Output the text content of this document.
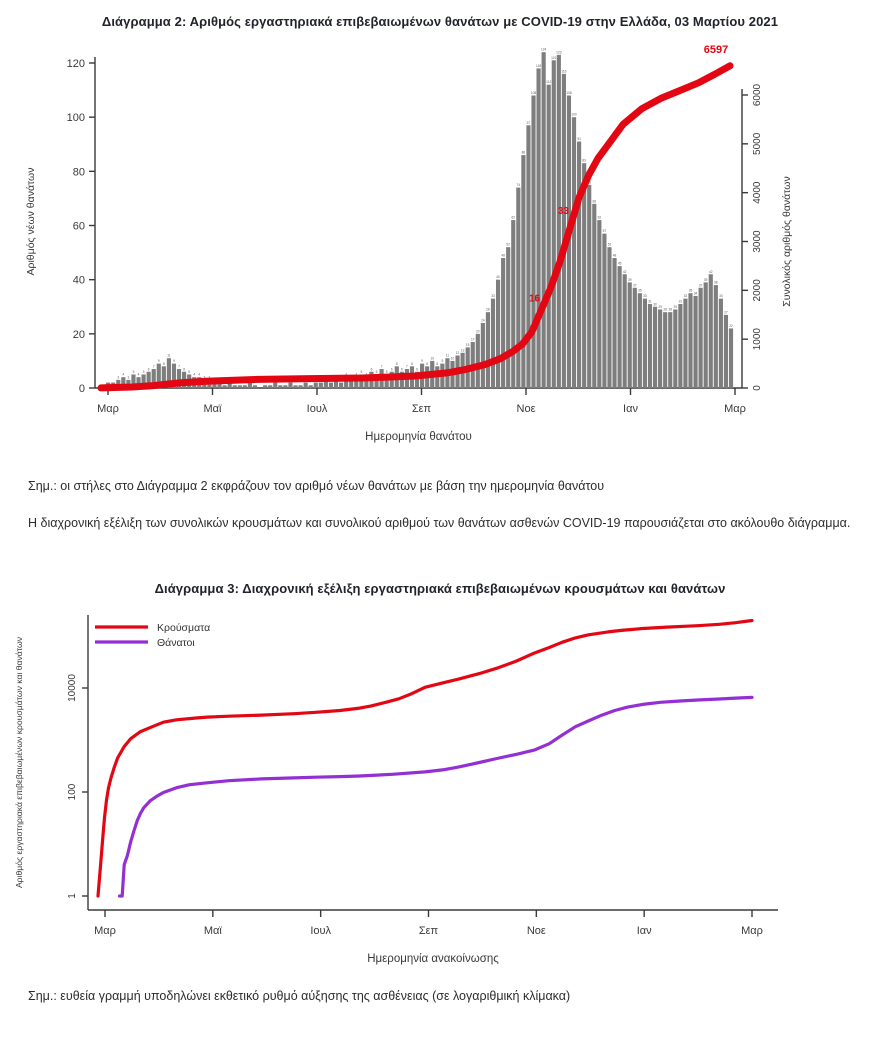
Διάγραμμα 2: Αριθμός εργαστηριακά επιβεβαιωμένων θανάτων με COVID-19 στην Ελλάδα, 03 Μαρτίου 2021
0
20
40
60
80
100
120
0
1000
2000
3000
4000
5000
6000
Μαρ	Μαϊ	Ιουλ	Σεπ	Νοε	Ιαν	Μαρ
Αριθμός νέων θανάτων	Συνολικός αριθμός θανάτων
Ημερομηνία θανάτου
3
4
3
5
4
5
6
7
9
8
11
9
7
6
5
4 4
3 3	3	3
4
3
4
5
4
6
5
7
5
6
8
6
7
8
6
9
8
10
8
9
11
10
12
13
15
17
20
24
28
33
40
48
52
62
74
86
97
108
118
124
112
121
123
116
108
100
91
83
75
68
62
57
52
48
45
42
39
37
35
33
31
30
29
28 28
29
31
33
35
34
37
39
42
38
33
27
22
33
16
6597
Σημ.: οι στήλες στο Διάγραμμα 2 εκφράζουν τον αριθμό νέων θανάτων με βάση την ημερομηνία θανάτου
Η διαχρονική εξέλιξη των συνολικών κρουσμάτων και συνολικού αριθμού των θανάτων ασθενών COVID-19 παρουσιάζεται στο ακόλουθο διάγραμμα.
Διάγραμμα 3: Διαχρονική εξέλιξη εργαστηριακά επιβεβαιωμένων κρουσμάτων και θανάτων
1
100
10000
Μαρ	Μαϊ	Ιουλ	Σεπ	Νοε	Ιαν	Μαρ
Αριθμός εργαστηριακά επιβεβαιωμένων κρουσμάτων και θανάτων
Ημερομηνία ανακοίνωσης
Κρούσματα
Θάνατοι
Σημ.: ευθεία γραμμή υποδηλώνει εκθετικό ρυθμό αύξησης της ασθένειας (σε λογαριθμική κλίμακα)
